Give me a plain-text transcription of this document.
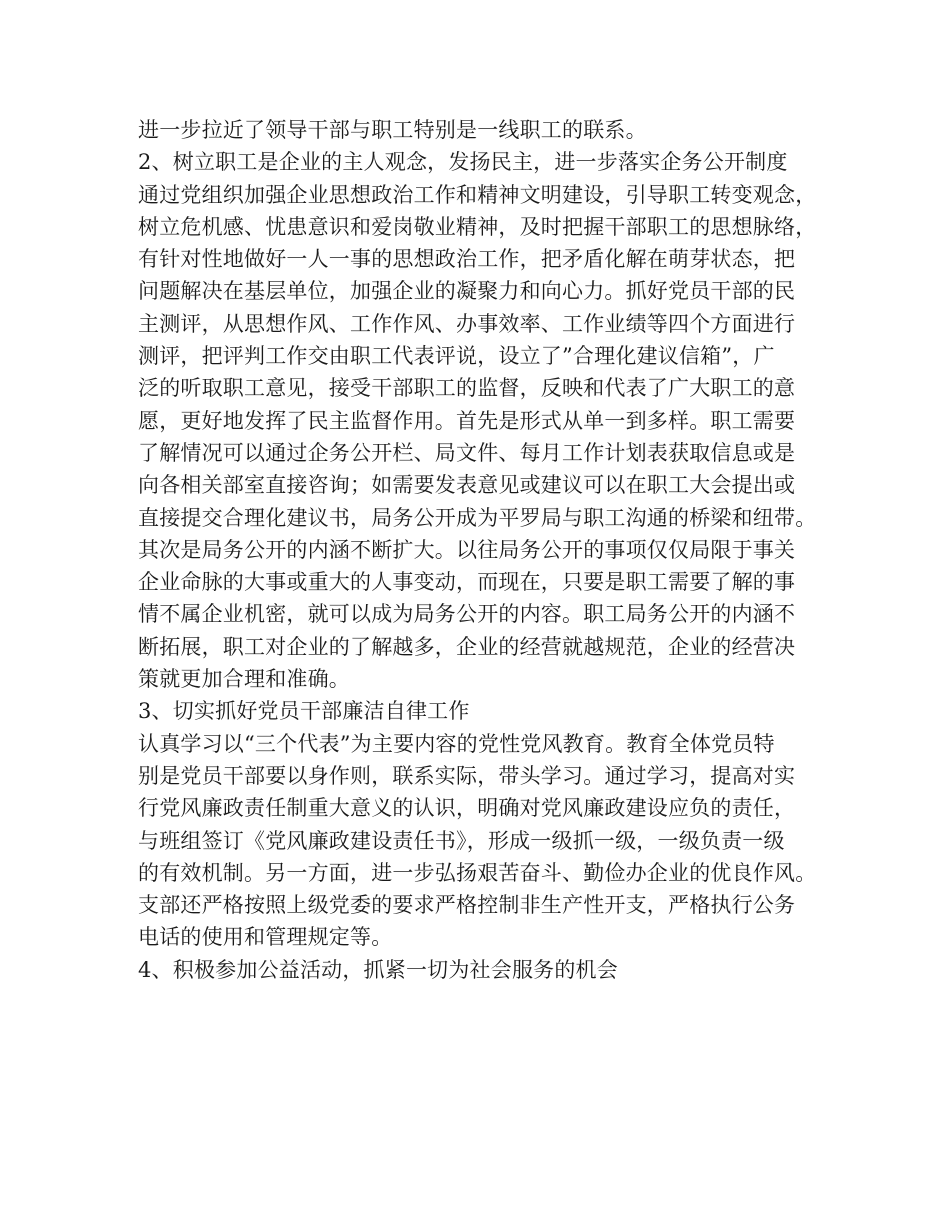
进一步拉近了领导干部与职工特别是一线职工的联系。
2、树立职工是企业的主人观念，发扬民主，进一步落实企务公开制度
通过党组织加强企业思想政治工作和精神文明建设，引导职工转变观念，
树立危机感、忧患意识和爱岗敬业精神，及时把握干部职工的思想脉络，
有针对性地做好一人一事的思想政治工作，把矛盾化解在萌芽状态，把
问题解决在基层单位，加强企业的凝聚力和向心力。抓好党员干部的民
主测评，从思想作风、工作作风、办事效率、工作业绩等四个方面进行
测评，把评判工作交由职工代表评说，设立了”合理化建议信箱”，广
泛的听取职工意见，接受干部职工的监督，反映和代表了广大职工的意
愿，更好地发挥了民主监督作用。首先是形式从单一到多样。职工需要
了解情况可以通过企务公开栏、局文件、每月工作计划表获取信息或是
向各相关部室直接咨询；如需要发表意见或建议可以在职工大会提出或
直接提交合理化建议书，局务公开成为平罗局与职工沟通的桥梁和纽带。
其次是局务公开的内涵不断扩大。以往局务公开的事项仅仅局限于事关
企业命脉的大事或重大的人事变动，而现在，只要是职工需要了解的事
情不属企业机密，就可以成为局务公开的内容。职工局务公开的内涵不
断拓展，职工对企业的了解越多，企业的经营就越规范，企业的经营决
策就更加合理和准确。
3、切实抓好党员干部廉洁自律工作
认真学习以“三个代表”为主要内容的党性党风教育。教育全体党员特
别是党员干部要以身作则，联系实际，带头学习。通过学习，提高对实
行党风廉政责任制重大意义的认识，明确对党风廉政建设应负的责任，
与班组签订《党风廉政建设责任书》，形成一级抓一级，一级负责一级
的有效机制。另一方面，进一步弘扬艰苦奋斗、勤俭办企业的优良作风。
支部还严格按照上级党委的要求严格控制非生产性开支，严格执行公务
电话的使用和管理规定等。
4、积极参加公益活动，抓紧一切为社会服务的机会
